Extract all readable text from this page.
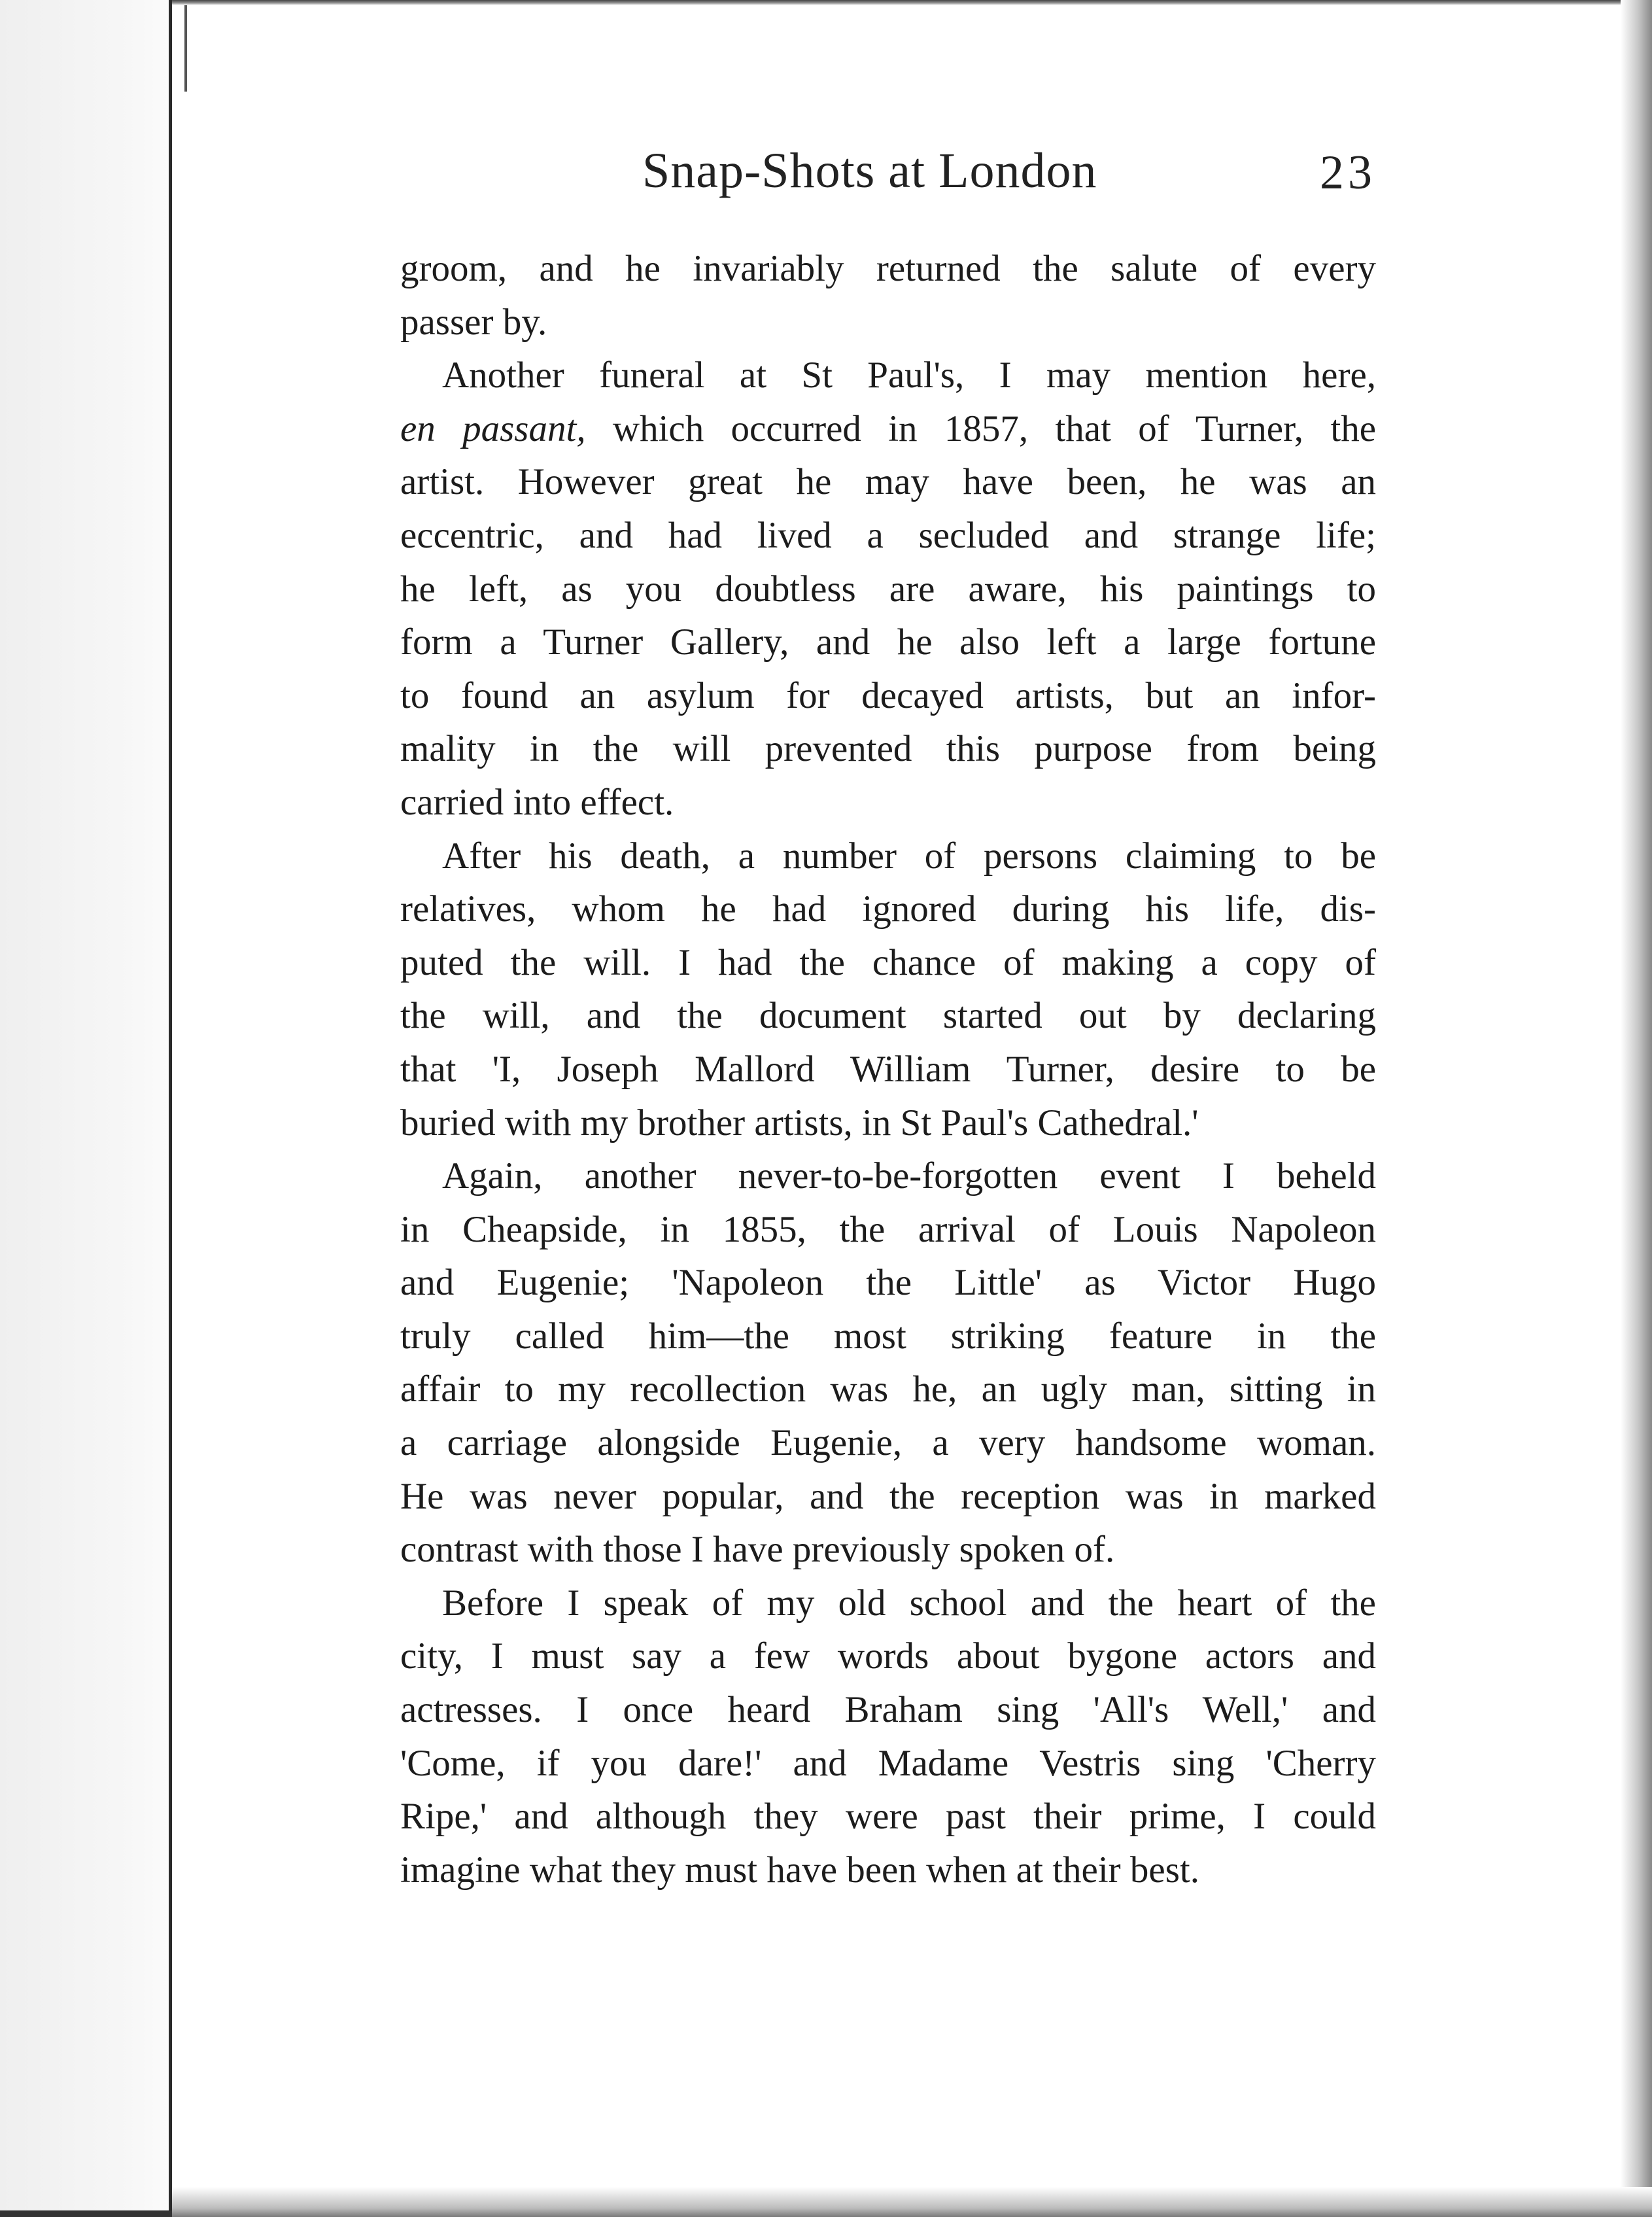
Snap-Shots at London	23
groom, and he invariably returned the salute of every
passer by.
Another funeral at St Paul's, I may mention here,
en passant, which occurred in 1857, that of Turner, the
artist. However great he may have been, he was an
eccentric, and had lived a secluded and strange life;
he left, as you doubtless are aware, his paintings to
form a Turner Gallery, and he also left a large fortune
to found an asylum for decayed artists, but an infor-
mality in the will prevented this purpose from being
carried into effect.
After his death, a number of persons claiming to be
relatives, whom he had ignored during his life, dis-
puted the will. I had the chance of making a copy of
the will, and the document started out by declaring
that 'I, Joseph Mallord William Turner, desire to be
buried with my brother artists, in St Paul's Cathedral.'
Again, another never-to-be-forgotten event I beheld
in Cheapside, in 1855, the arrival of Louis Napoleon
and Eugenie; 'Napoleon the Little' as Victor Hugo
truly called him—the most striking feature in the
affair to my recollection was he, an ugly man, sitting in
a carriage alongside Eugenie, a very handsome woman.
He was never popular, and the reception was in marked
contrast with those I have previously spoken of.
Before I speak of my old school and the heart of the
city, I must say a few words about bygone actors and
actresses. I once heard Braham sing 'All's Well,' and
'Come, if you dare!' and Madame Vestris sing 'Cherry
Ripe,' and although they were past their prime, I could
imagine what they must have been when at their best.
